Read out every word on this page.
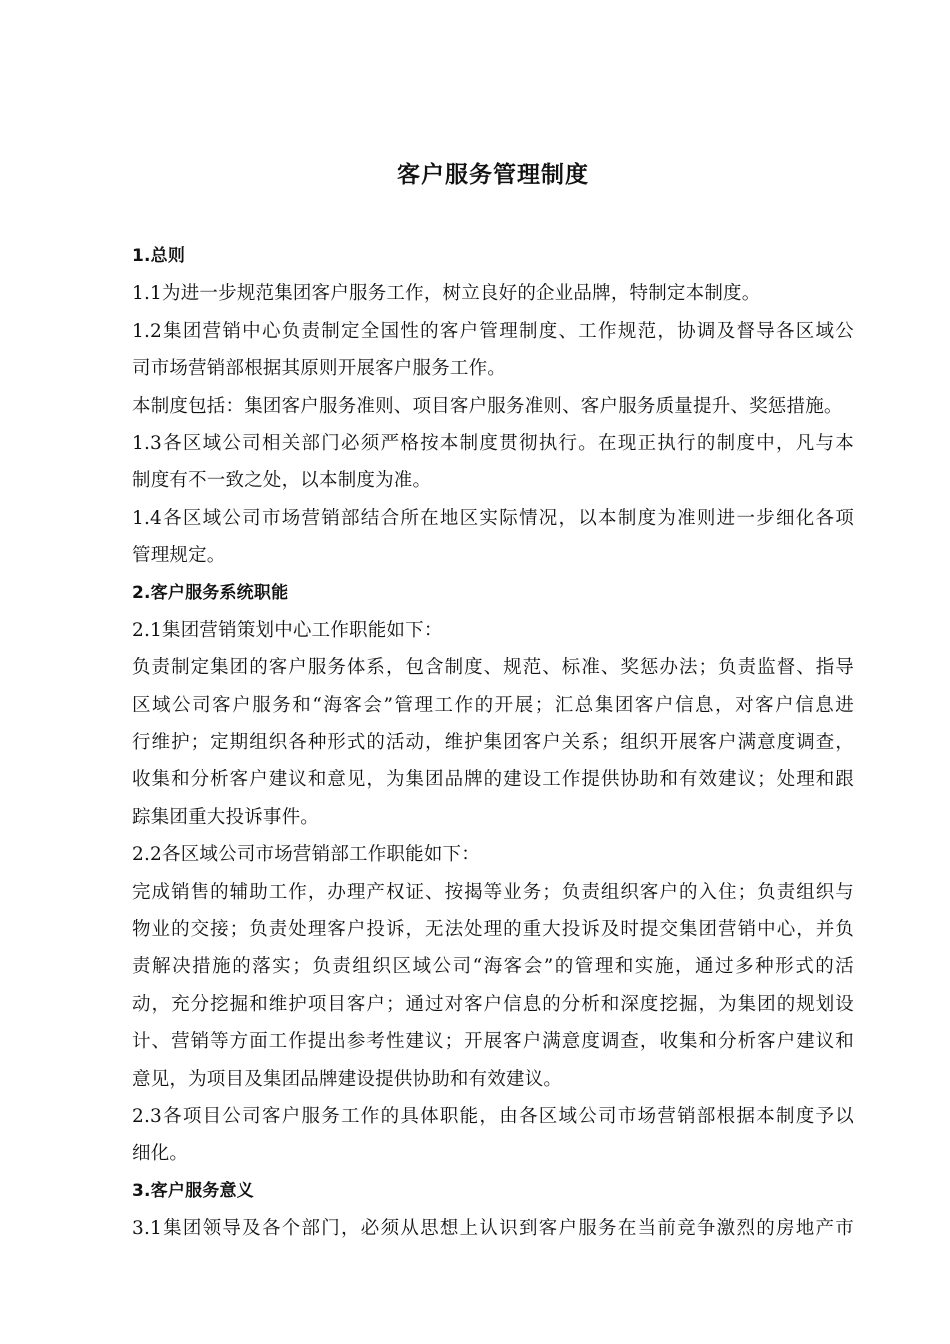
客户服务管理制度
1.总则
1.1为进一步规范集团客户服务工作，树立良好的企业品牌，特制定本制度。
1.2集团营销中心负责制定全国性的客户管理制度、工作规范，协调及督导各区域公
司市场营销部根据其原则开展客户服务工作。
本制度包括：集团客户服务准则、项目客户服务准则、客户服务质量提升、奖惩措施。
1.3各区域公司相关部门必须严格按本制度贯彻执行。在现正执行的制度中，凡与本
制度有不一致之处，以本制度为准。
1.4各区域公司市场营销部结合所在地区实际情况，以本制度为准则进一步细化各项
管理规定。
2.客户服务系统职能
2.1集团营销策划中心工作职能如下：
负责制定集团的客户服务体系，包含制度、规范、标准、奖惩办法；负责监督、指导
区域公司客户服务和“海客会”管理工作的开展；汇总集团客户信息，对客户信息进
行维护；定期组织各种形式的活动，维护集团客户关系；组织开展客户满意度调查，
收集和分析客户建议和意见，为集团品牌的建设工作提供协助和有效建议；处理和跟
踪集团重大投诉事件。
2.2各区域公司市场营销部工作职能如下：
完成销售的辅助工作，办理产权证、按揭等业务；负责组织客户的入住；负责组织与
物业的交接；负责处理客户投诉，无法处理的重大投诉及时提交集团营销中心，并负
责解决措施的落实；负责组织区域公司“海客会”的管理和实施，通过多种形式的活
动，充分挖掘和维护项目客户；通过对客户信息的分析和深度挖掘，为集团的规划设
计、营销等方面工作提出参考性建议；开展客户满意度调查，收集和分析客户建议和
意见，为项目及集团品牌建设提供协助和有效建议。
2.3各项目公司客户服务工作的具体职能，由各区域公司市场营销部根据本制度予以
细化。
3.客户服务意义
3.1集团领导及各个部门，必须从思想上认识到客户服务在当前竞争激烈的房地产市
